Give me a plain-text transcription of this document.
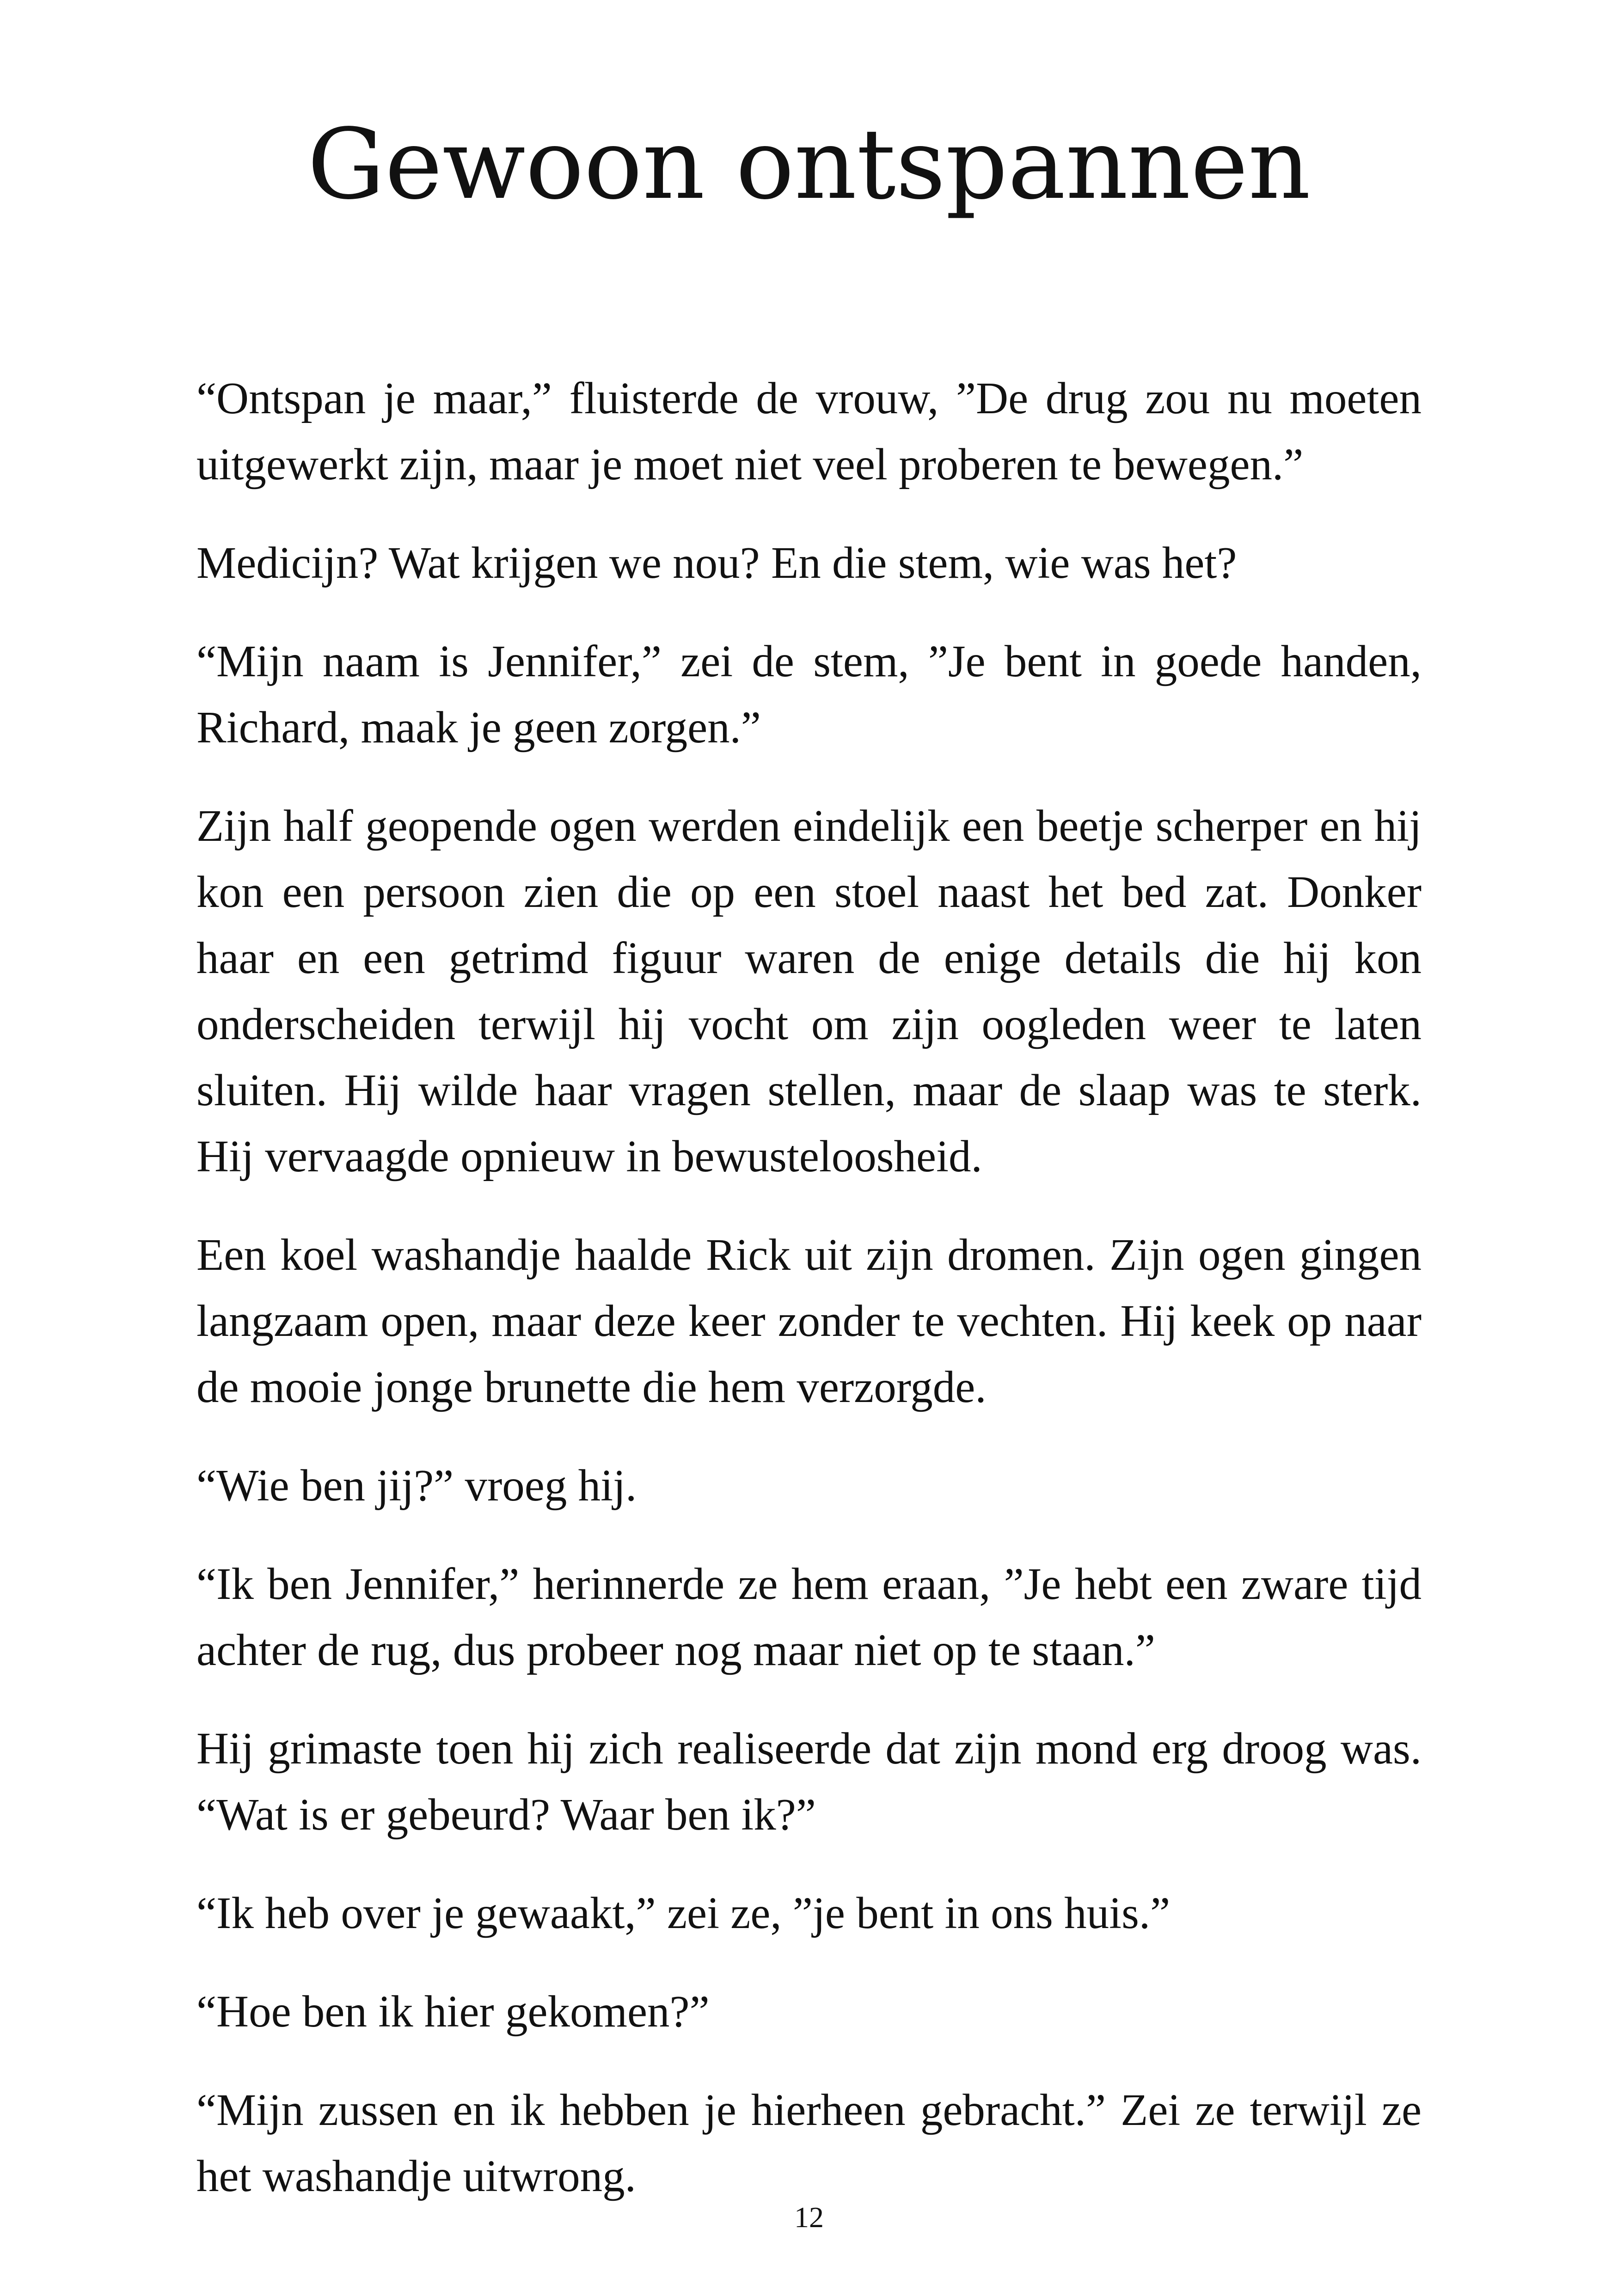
Gewoon ontspannen

“Ontspan je maar,” fluisterde de vrouw, ”De drug zou nu moeten uitgewerkt zijn, maar je moet niet veel proberen te bewegen.”

Medicijn? Wat krijgen we nou? En die stem, wie was het?

“Mijn naam is Jennifer,” zei de stem, ”Je bent in goede handen, Richard, maak je geen zorgen.”

Zijn half geopende ogen werden eindelijk een beetje scherper en hij kon een persoon zien die op een stoel naast het bed zat. Donker haar en een getrimd figuur waren de enige details die hij kon onderscheiden terwijl hij vocht om zijn oogleden weer te laten sluiten. Hij wilde haar vragen stellen, maar de slaap was te sterk. Hij vervaagde opnieuw in bewusteloosheid.

Een koel washandje haalde Rick uit zijn dromen. Zijn ogen gingen langzaam open, maar deze keer zonder te vechten. Hij keek op naar de mooie jonge brunette die hem verzorgde.

“Wie ben jij?” vroeg hij.

“Ik ben Jennifer,” herinnerde ze hem eraan, ”Je hebt een zware tijd achter de rug, dus probeer nog maar niet op te staan.”

Hij grimaste toen hij zich realiseerde dat zijn mond erg droog was. “Wat is er gebeurd? Waar ben ik?”

“Ik heb over je gewaakt,” zei ze, ”je bent in ons huis.”

“Hoe ben ik hier gekomen?”

“Mijn zussen en ik hebben je hierheen gebracht.” Zei ze terwijl ze het washandje uitwrong.

12
